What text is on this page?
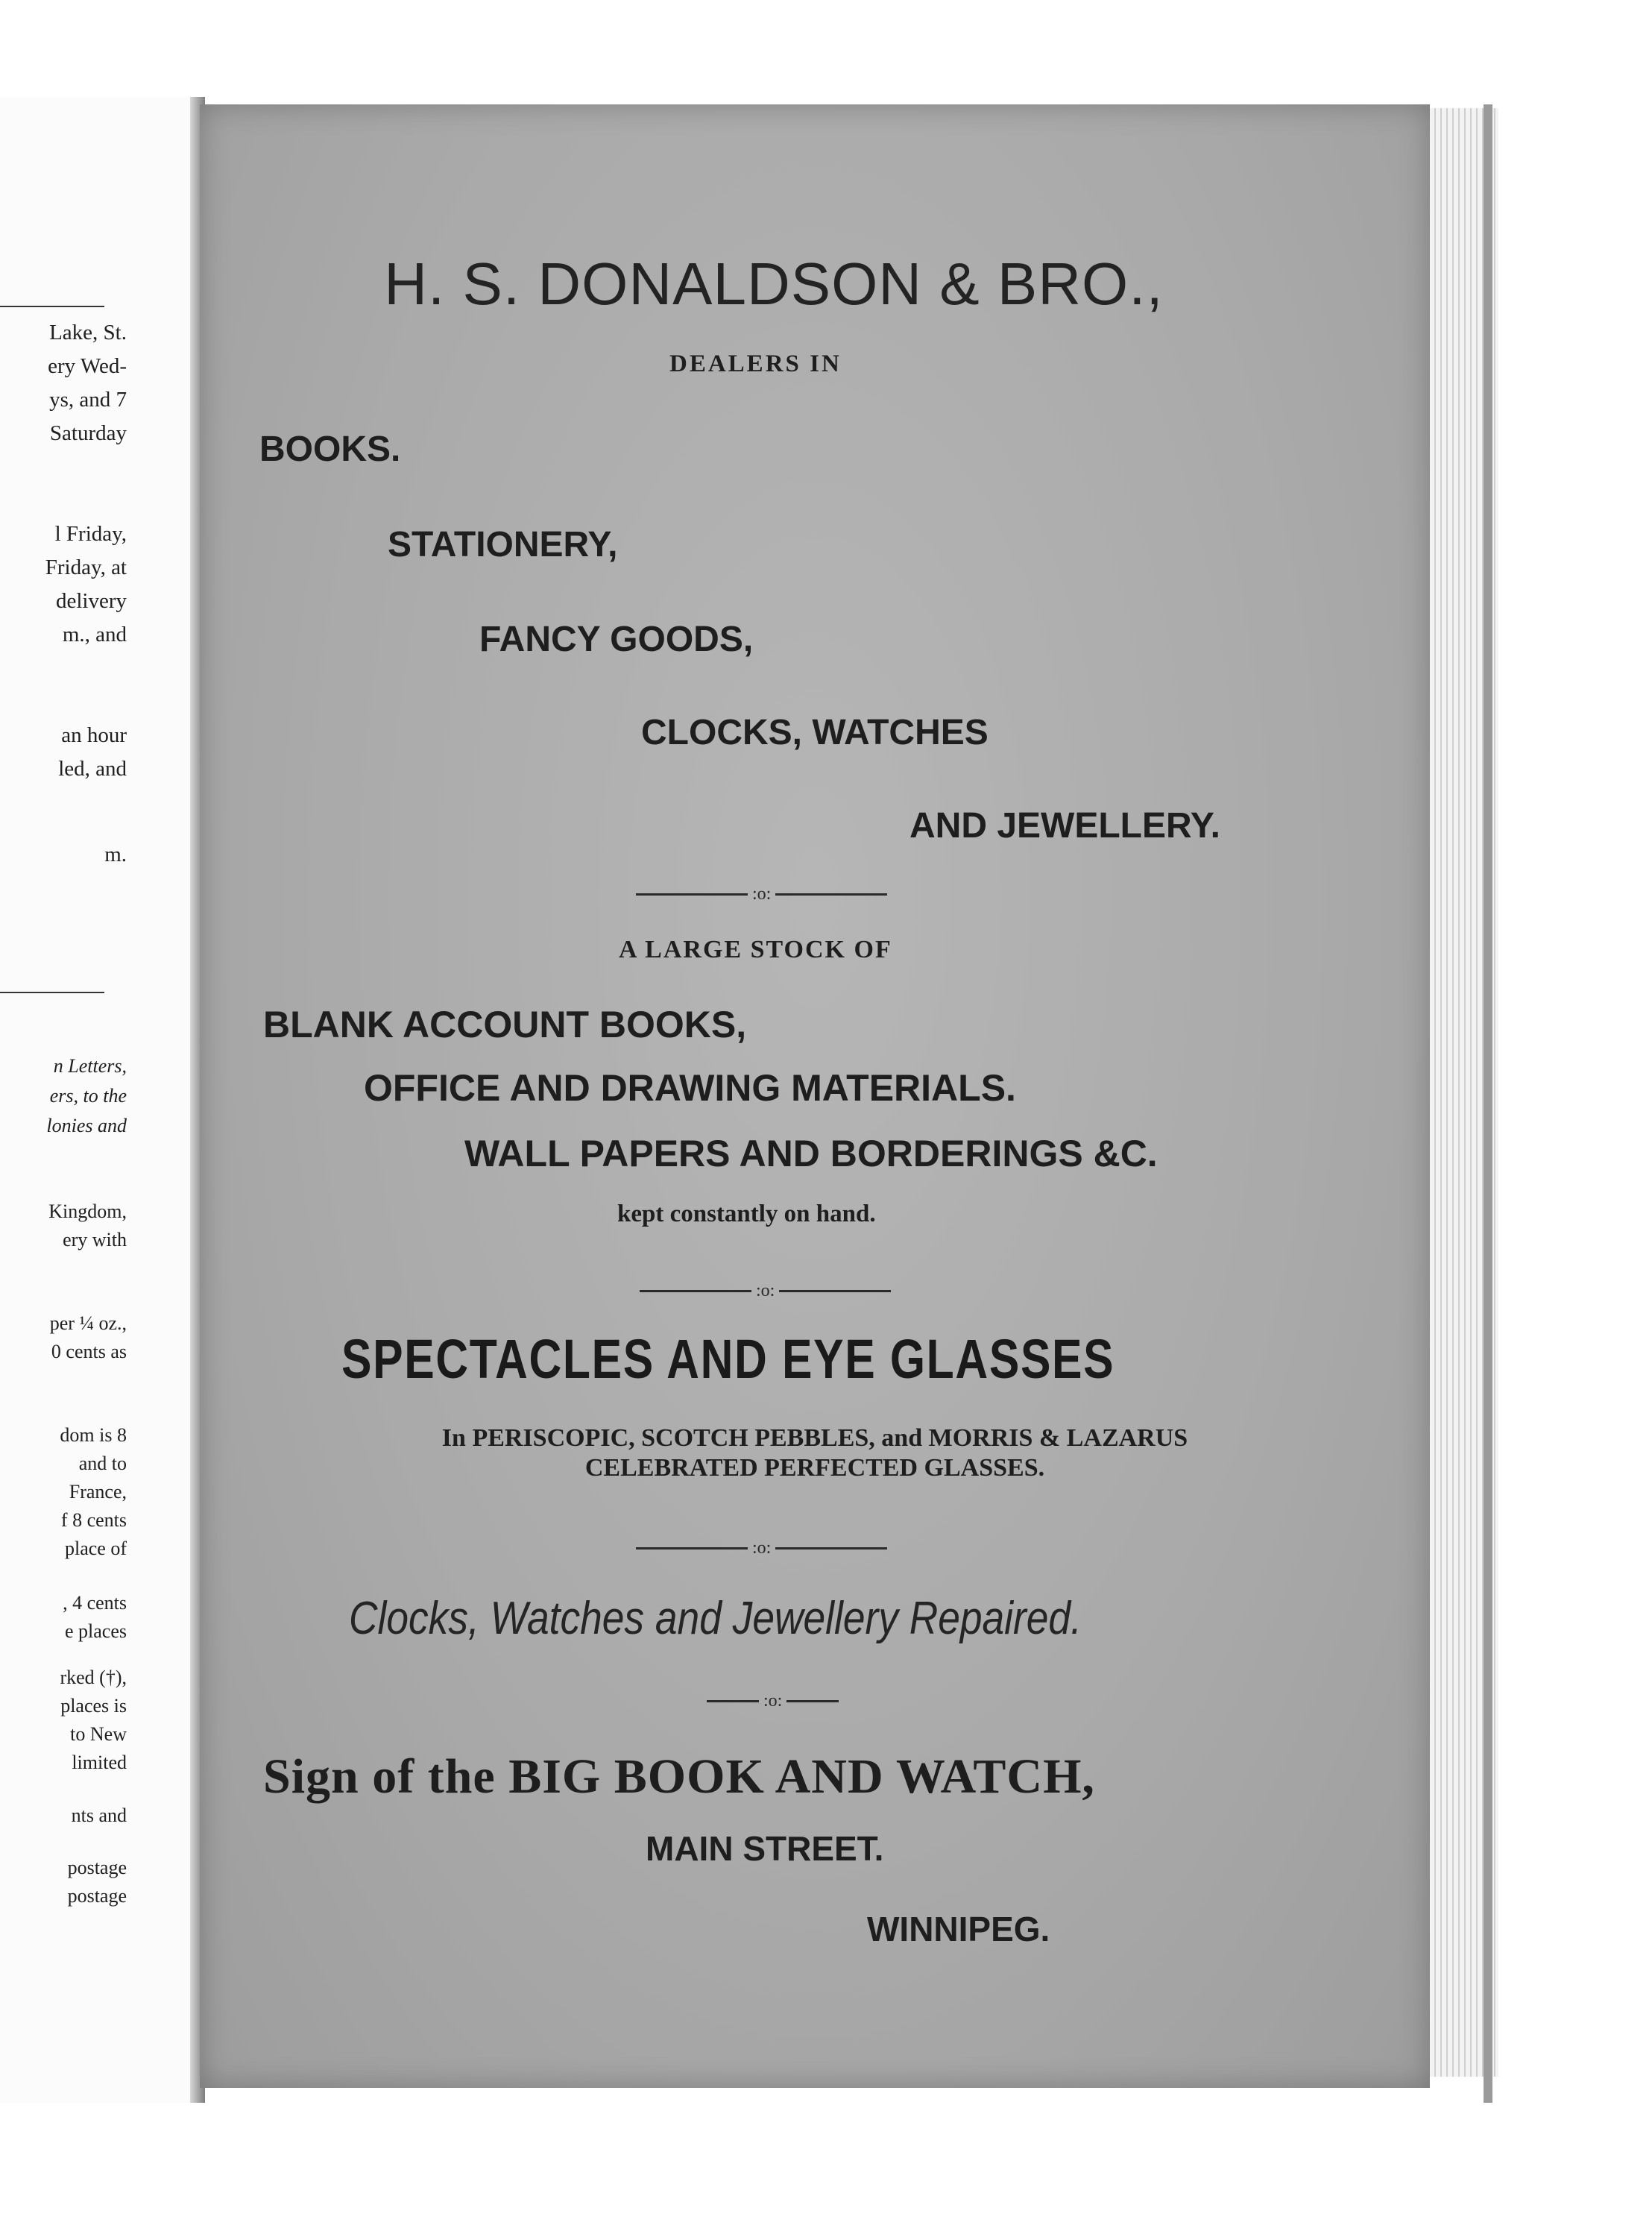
Lake, St.
ery Wed-
ys, and 7
Saturday
l Friday,
Friday, at
delivery
m., and
an hour
led, and
m.
n Letters,
ers, to the
lonies and
Kingdom,
ery with
per ¼ oz.,
0 cents as
dom is 8
and to
France,
f 8 cents
place of
, 4 cents
e places
rked (†),
places is
to New
limited
nts and
postage
postage
H. S. DONALDSON & BRO.,
DEALERS IN
BOOKS.
STATIONERY,
FANCY GOODS,
CLOCKS, WATCHES
AND JEWELLERY.
:o:
A LARGE STOCK OF
BLANK ACCOUNT BOOKS,
OFFICE AND DRAWING MATERIALS.
WALL PAPERS AND BORDERINGS &C.
kept constantly on hand.
:o:
SPECTACLES AND EYE GLASSES
In PERISCOPIC, SCOTCH PEBBLES, and MORRIS & LAZARUS
CELEBRATED PERFECTED GLASSES.
:o:
Clocks, Watches and Jewellery Repaired.
:o:
Sign of the BIG BOOK AND WATCH,
MAIN STREET.
WINNIPEG.
